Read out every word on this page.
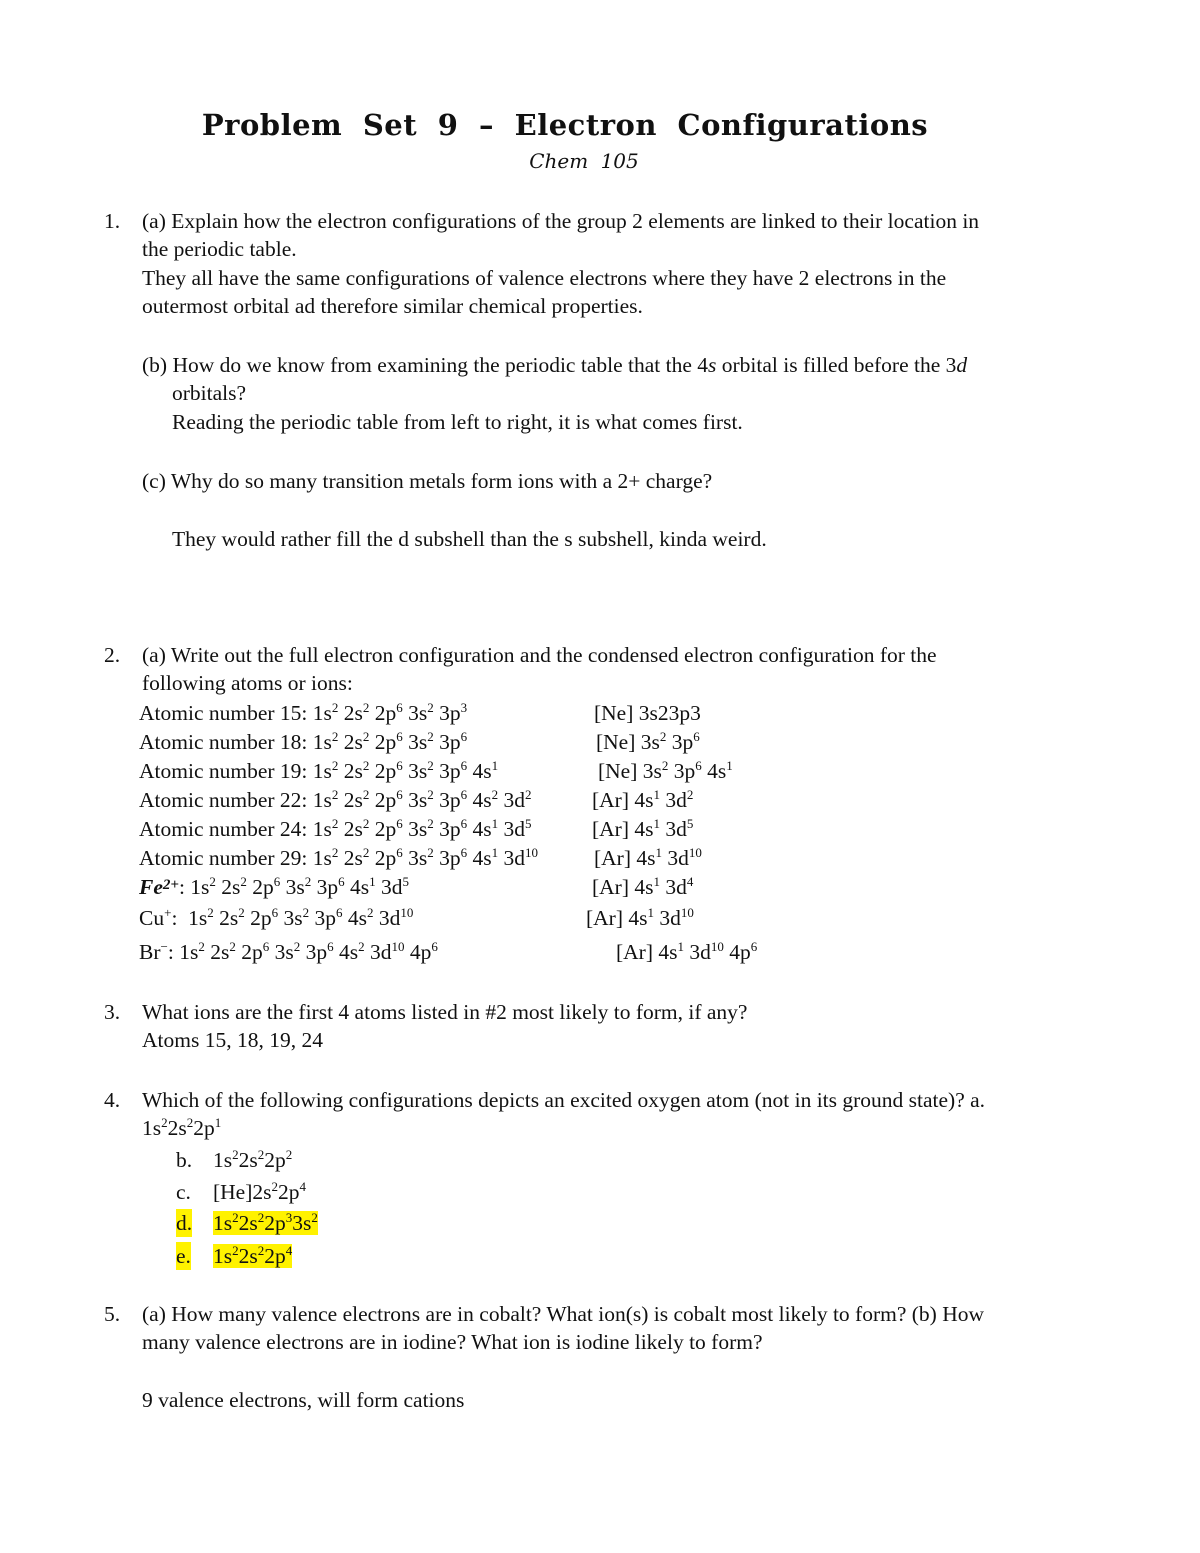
Problem Set 9 – Electron Configurations
Chem 105
1. (a) Explain how the electron configurations of the group 2 elements are linked to their location in
the periodic table.
They all have the same configurations of valence electrons where they have 2 electrons in the
outermost orbital ad therefore similar chemical properties.
(b) How do we know from examining the periodic table that the 4s orbital is filled before the 3d
orbitals?
Reading the periodic table from left to right, it is what comes first.
(c) Why do so many transition metals form ions with a 2+ charge?
They would rather fill the d subshell than the s subshell, kinda weird.
2. (a) Write out the full electron configuration and the condensed electron configuration for the
following atoms or ions:
Atomic number 15: $1s^2$ $2s^2$ $2p^6$ $3s^2$ $3p^3$	[Ne] 3s23p3
Atomic number 18: $1s^2$ $2s^2$ $2p^6$ $3s^2$ $3p^6$	[Ne] $3s^2$ $3p^6$
Atomic number 19: $1s^2$ $2s^2$ $2p^6$ $3s^2$ $3p^6$ $4s^1$	[Ne] $3s^2$ $3p^6$ $4s^1$
Atomic number 22: $1s^2$ $2s^2$ $2p^6$ $3s^2$ $3p^6$ $4s^2$ $3d^2$	[Ar] $4s^1$ $3d^2$
Atomic number 24: $1s^2$ $2s^2$ $2p^6$ $3s^2$ $3p^6$ $4s^1$ $3d^5$	[Ar] $4s^1$ $3d^5$
Atomic number 29: $1s^2$ $2s^2$ $2p^6$ $3s^2$ $3p^6$ $4s^1$ $3d^{10}$	[Ar] $4s^1$ $3d^{10}$
$Fe^{2+}$: $1s^2$ $2s^2$ $2p^6$ $3s^2$ $3p^6$ $4s^1$ $3d^5$	[Ar] $4s^1$ $3d^4$
Cu+:  $1s^2$ $2s^2$ $2p^6$ $3s^2$ $3p^6$ $4s^2$ $3d^{10}$	[Ar] $4s^1$ $3d^{10}$
Br−: $1s^2$ $2s^2$ $2p^6$ $3s^2$ $3p^6$ $4s^2$ $3d^{10}$ $4p^6$	[Ar] $4s^1$ $3d^{10}$ $4p^6$
3. What ions are the first 4 atoms listed in #2 most likely to form, if any?
Atoms 15, 18, 19, 24
4. Which of the following configurations depicts an excited oxygen atom (not in its ground state)? a.
$1s^22s^22p^1$
b. $1s^22s^22p^2$
c. $[He]2s^22p^4$
d. $1s^22s^22p^33s^2$
e. $1s^22s^22p^4$
5. (a) How many valence electrons are in cobalt? What ion(s) is cobalt most likely to form? (b) How
many valence electrons are in iodine? What ion is iodine likely to form?
9 valence electrons, will form cations
